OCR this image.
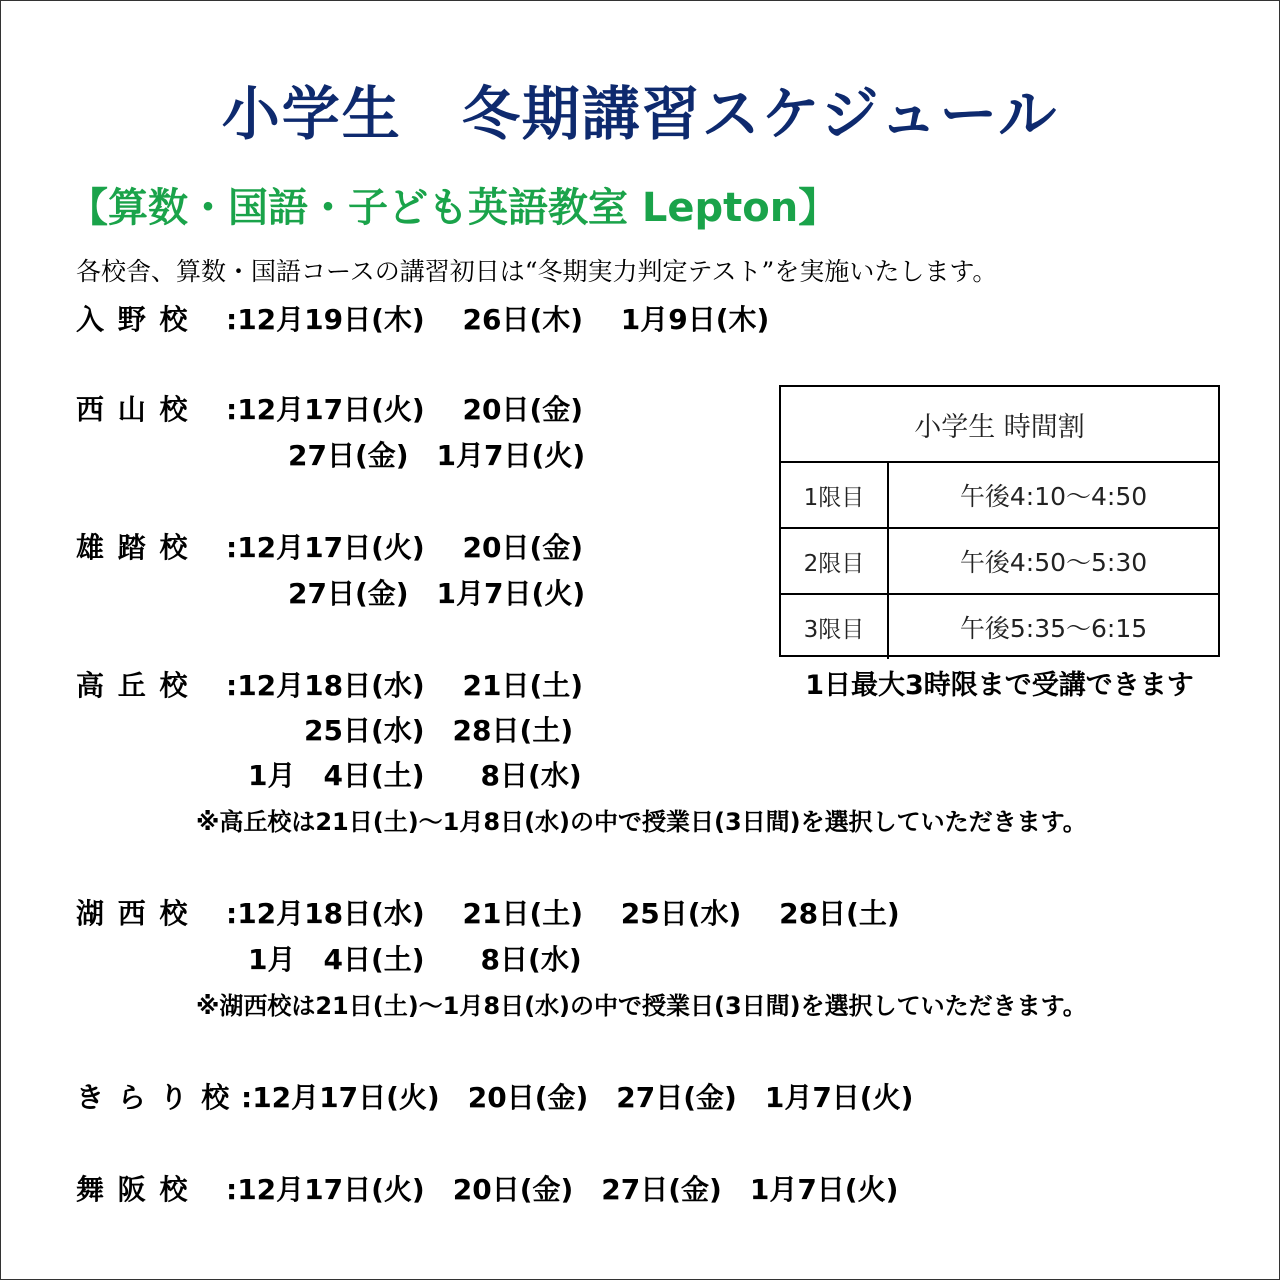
小学生　冬期講習スケジュール
【算数・国語・子ども英語教室 Lepton】
各校舎、算数・国語コースの講習初日は“冬期実力判定テスト”を実施いたします。
入 野 校 :12月19日(木)　 26日(木)　 1月9日(木)
西 山 校 :12月17日(火)　 20日(金)
27日(金)　1月7日(火)
雄 踏 校 :12月17日(火)　 20日(金)
27日(金)　1月7日(火)
高 丘 校 :12月18日(水)　 21日(土)
25日(水)　28日(土)
1月　4日(土)　　8日(水)
※高丘校は21日(土)～1月8日(水)の中で授業日(3日間)を選択していただきます。
湖 西 校 :12月18日(水)　 21日(土)　 25日(水)　 28日(土)
1月　4日(土)　　8日(水)
※湖西校は21日(土)～1月8日(水)の中で授業日(3日間)を選択していただきます。
き ら り 校 :12月17日(火)　20日(金)　27日(金)　1月7日(火)
舞 阪 校 :12月17日(火)　20日(金)　27日(金)　1月7日(火)
小学生 時間割
1限目	午後4:10～4:50
2限目	午後4:50～5:30
3限目	午後5:35～6:15
1日最大3時限まで受講できます
